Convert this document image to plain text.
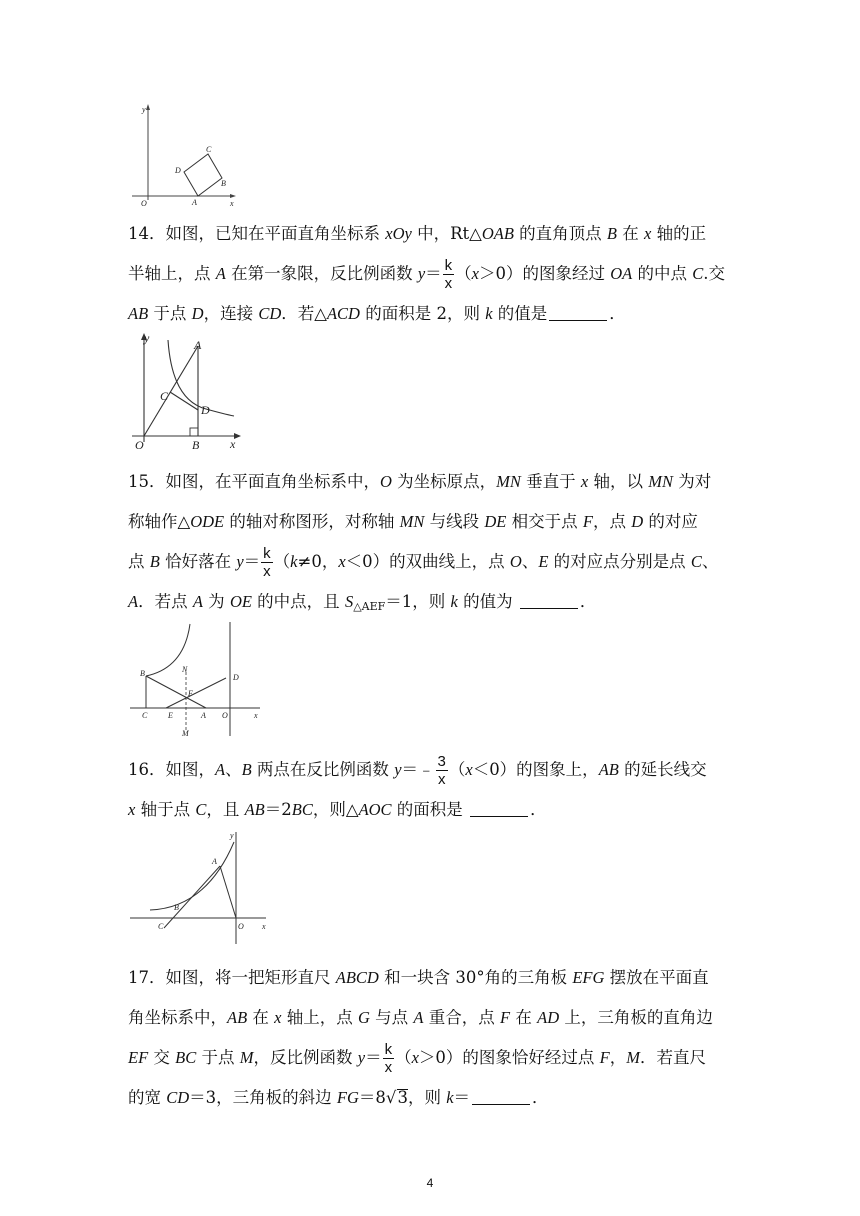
y
x
O	A
B
C
D
14．如图，已知在平面直角坐标系 xOy 中，Rt△OAB 的直角顶点 B 在 x 轴的正
半轴上，点 A 在第一象限，反比例函数 $y= \frac{k}{x} (x>0)$的图象经过 OA 的中点 C.交
AB 于点 D，连接 CD．若△ACD 的面积是 2，则 k 的值是	．
y	A
C
D
O	B	x
15．如图，在平面直角坐标系中，O 为坐标原点，MN 垂直于 x 轴，以 MN 为对
称轴作△ODE 的轴对称图形，对称轴 MN 与线段 DE 相交于点 F，点 D 的对应
点 B 恰好落在 $y= \frac{k}{x} (k\ne 0$，x＜0）的双曲线上，点 O、E 的对应点分别是点 C、
A．若点 A 为 OE 的中点，且 $S_{\triangle AEF}=1$，则 k 的值为	．
B	N
F
D
C	E	A O	x
M
16．如图，A、B 两点在反比例函数 y＝﹣ $\frac{3}{x} (x<0)$的图象上，AB 的延长线交
x 轴于点 C，且 AB＝2BC，则△AOC 的面积是	．
y
A
B
C	O x
17．如图，将一把矩形直尺 ABCD 和一块含 30°角的三角板 EFG 摆放在平面直
角坐标系中，AB 在 x 轴上，点 G 与点 A 重合，点 F 在 AD 上，三角板的直角边
EF 交 BC 于点 M，反比例函数 $y= \frac{k}{x} (x>0)$的图象恰好经过点 F，M．若直尺
的宽 CD＝3，三角板的斜边 FG＝8√3，则 k＝	．
4
